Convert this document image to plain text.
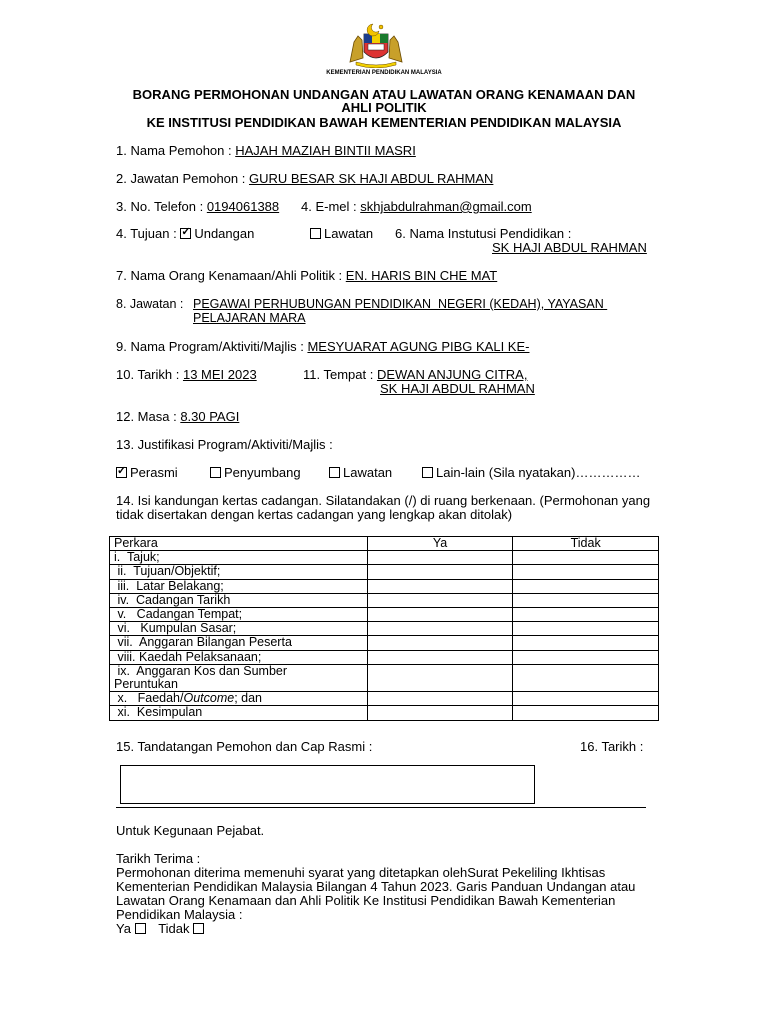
KEMENTERIAN PENDIDIKAN MALAYSIA
BORANG PERMOHONAN UNDANGAN ATAU LAWATAN ORANG KENAMAAN DAN
AHLI POLITIK
KE INSTITUSI PENDIDIKAN BAWAH KEMENTERIAN PENDIDIKAN MALAYSIA
1. Nama Pemohon : HAJAH MAZIAH BINTII MASRI
2. Jawatan Pemohon : GURU BESAR SK HAJI ABDUL RAHMAN
3. No. Telefon : 0194061388 4. E-mel : skhjabdulrahman@gmail.com
4. Tujuan : ✓Undangan	Lawatan 6. Nama Instutusi Pendidikan :
SK HAJI ABDUL RAHMAN
7. Nama Orang Kenamaan/Ahli Politik : EN. HARIS BIN CHE MAT
8. Jawatan : PEGAWAI PERHUBUNGAN PENDIDIKAN  NEGERI (KEDAH), YAYASAN
PELAJARAN MARA
9. Nama Program/Aktiviti/Majlis : MESYUARAT AGUNG PIBG KALI KE-
10. Tarikh : 13 MEI 2023	11. Tempat : DEWAN ANJUNG CITRA,
SK HAJI ABDUL RAHMAN
12. Masa : 8.30 PAGI
13. Justifikasi Program/Aktiviti/Majlis :
✓Perasmi	Penyumbang	Lawatan	Lain-lain (Sila nyatakan)……………
14. Isi kandungan kertas cadangan. Silatandakan (/) di ruang berkenaan. (Permohonan yang
tidak disertakan dengan kertas cadangan yang lengkap akan ditolak)
Perkara	Ya	Tidak
i.  Tajuk;		
ii.  Tujuan/Objektif;		
iii.  Latar Belakang;		
iv.  Cadangan Tarikh		
v.   Cadangan Tempat;		
vi.   Kumpulan Sasar;		
vii.  Anggaran Bilangan Peserta		
viii. Kaedah Pelaksanaan;		

ix.  Anggaran Kos dan Sumber
Peruntukan		

x.   Faedah/Outcome; dan		
xi.  Kesimpulan		
15. Tandatangan Pemohon dan Cap Rasmi :	16. Tarikh :
Untuk Kegunaan Pejabat.
Tarikh Terima :
Permohonan diterima memenuhi syarat yang ditetapkan olehSurat Pekeliling Ikhtisas
Kementerian Pendidikan Malaysia Bilangan 4 Tahun 2023. Garis Panduan Undangan atau
Lawatan Orang Kenamaan dan Ahli Politik Ke Institusi Pendidikan Bawah Kementerian
Pendidikan Malaysia :
Ya Tidak
